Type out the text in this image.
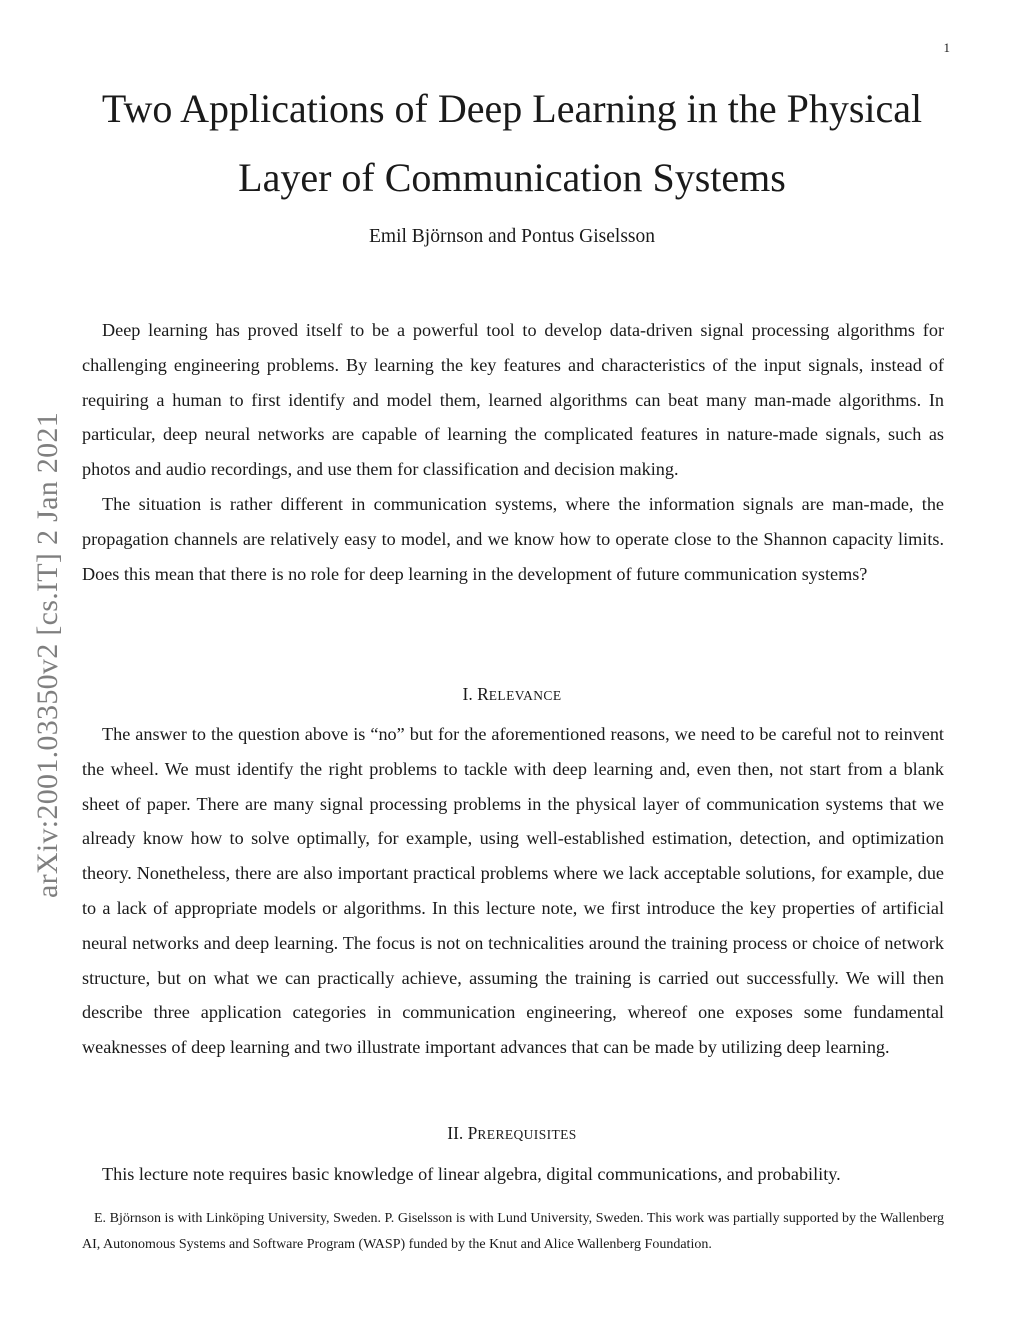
1
arXiv:2001.03350v2 [cs.IT] 2 Jan 2021
Two Applications of Deep Learning in the Physical
Layer of Communication Systems
Emil Björnson and Pontus Giselsson

Deep learning has proved itself to be a powerful tool to develop data-driven signal processing algorithms for challenging engineering problems. By learning the key features and characteristics of the input signals, instead of requiring a human to first identify and model them, learned algorithms can beat many man-made algorithms. In particular, deep neural networks are capable of learning the complicated features in nature-made signals, such as photos and audio recordings, and use them for classification and decision making.

The situation is rather different in communication systems, where the information signals are man-made, the propagation channels are relatively easy to model, and we know how to operate close to the Shannon capacity limits. Does this mean that there is no role for deep learning in the development of future communication systems?

I. RELEVANCE

The answer to the question above is “no” but for the aforementioned reasons, we need to be careful not to reinvent the wheel. We must identify the right problems to tackle with deep learning and, even then, not start from a blank sheet of paper. There are many signal processing problems in the physical layer of communication systems that we already know how to solve optimally, for example, using well-established estimation, detection, and optimization theory. Nonetheless, there are also important practical problems where we lack acceptable solutions, for example, due to a lack of appropriate models or algorithms. In this lecture note, we first introduce the key properties of artificial neural networks and deep learning. The focus is not on technicalities around the training process or choice of network structure, but on what we can practically achieve, assuming the training is carried out successfully. We will then describe three application categories in communication engineering, whereof one exposes some fundamental weaknesses of deep learning and two illustrate important advances that can be made by utilizing deep learning.

II. PREREQUISITES

This lecture note requires basic knowledge of linear algebra, digital communications, and probability.

E. Björnson is with Linköping University, Sweden. P. Giselsson is with Lund University, Sweden. This work was partially supported by the Wallenberg AI, Autonomous Systems and Software Program (WASP) funded by the Knut and Alice Wallenberg Foundation.
